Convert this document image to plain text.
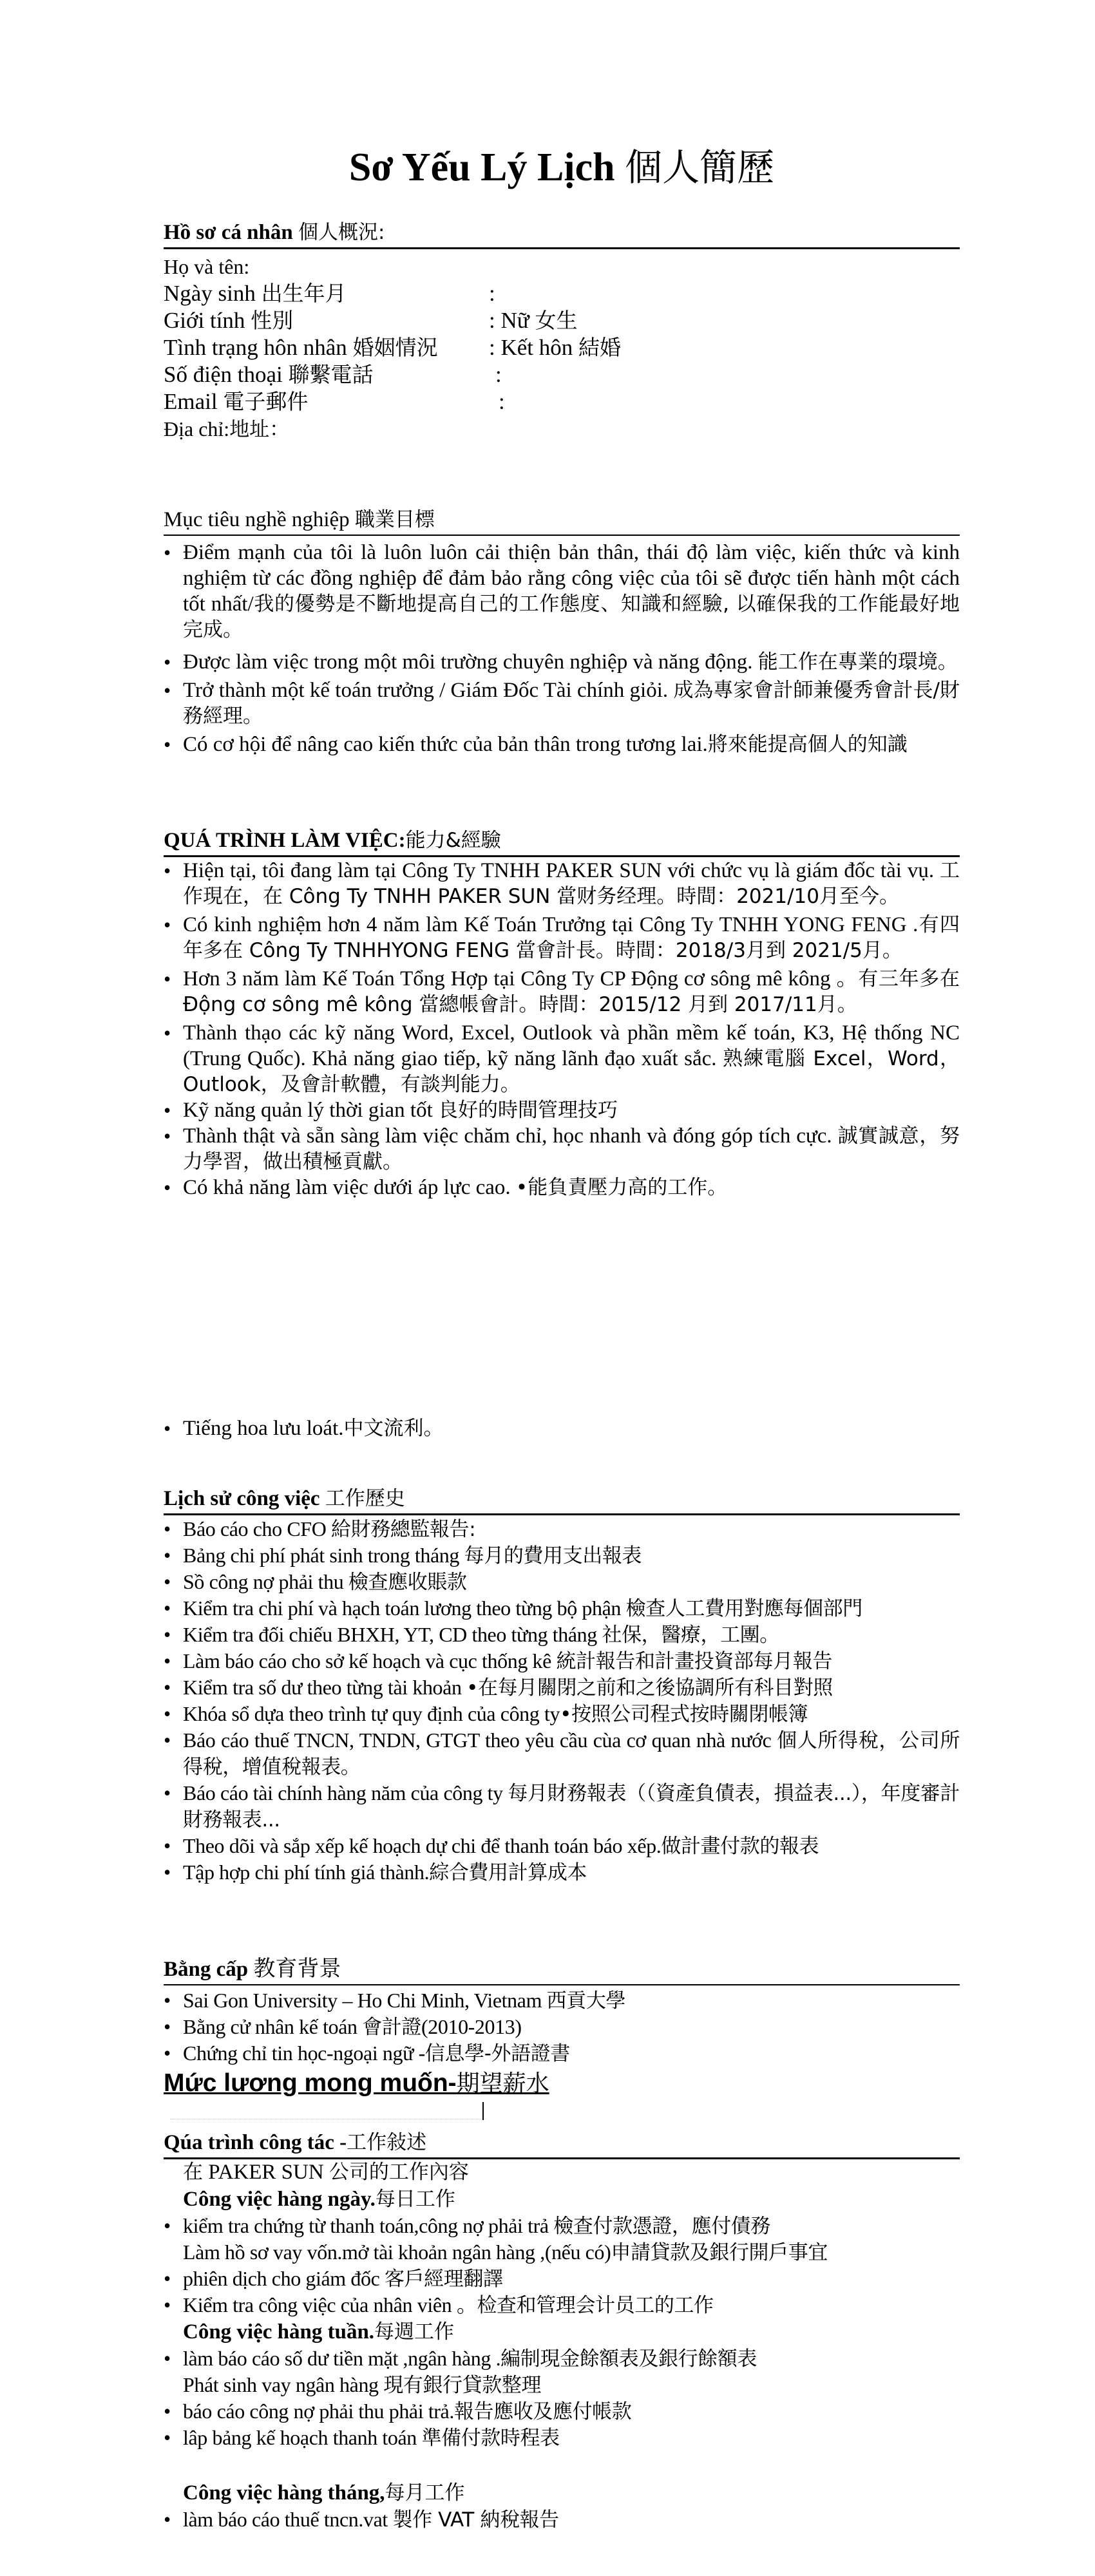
Sơ Yếu Lý Lịch 個人簡歷
Hồ sơ cá nhân 個人概況:
Họ và tên:
Ngày sinh 出生年月	:
Giới tính 性別	: Nữ 女生
Tình trạng hôn nhân 婚姻情況	: Kết hôn 結婚
Số điện thoại 聯繫電話	:
Email 電子郵件	:
Địa chỉ:地址：
Mục tiêu nghề nghiệp 職業目標
• Điểm mạnh của tôi là luôn luôn cải thiện bản thân, thái độ làm việc, kiến thức và kinh nghiệm từ các đồng nghiệp để đảm bảo rằng công việc của tôi sẽ được tiến hành một cách tốt nhất/我的優勢是不斷地提高自己的工作態度、知識和經驗, 以確保我的工作能最好地完成。
• Được làm việc trong một môi trường chuyên nghiệp và năng động. 能工作在專業的環境。
• Trở thành một kế toán trưởng / Giám Đốc Tài chính giỏi. 成為專家會計師兼優秀會計長/財務經理。
• Có cơ hội để nâng cao kiến thức của bản thân trong tương lai.將來能提高個人的知識
QUÁ TRÌNH LÀM VIỆC:能力&經驗
• Hiện tại, tôi đang làm tại Công Ty TNHH PAKER SUN với chức vụ là giám đốc tài vụ. 工作現在，在 Công Ty TNHH PAKER SUN 當财务经理。時間：2021/10月至今。
• Có kinh nghiệm hơn 4 năm làm Kế Toán Trưởng tại Công Ty TNHH YONG FENG .有四年多在 Công Ty TNHHYONG FENG 當會計長。時間：2018/3月到 2021/5月。
• Hơn 3 năm làm Kế Toán Tổng Hợp tại Công Ty CP Động cơ sông mê kông 。有三年多在 Động cơ sông mê kông 當總帳會計。時間：2015/12 月到 2017/11月。
• Thành thạo các kỹ năng Word, Excel, Outlook và phần mềm kế toán, K3, Hệ thống NC (Trung Quốc). Khả năng giao tiếp, kỹ năng lãnh đạo xuất sắc. 熟練電腦 Excel，Word，Outlook，及會計軟體，有談判能力。
• Kỹ năng quản lý thời gian tốt 良好的時間管理技巧
• Thành thật và sẵn sàng làm việc chăm chỉ, học nhanh và đóng góp tích cực. 誠實誠意，努力學習，做出積極貢獻。
• Có khả năng làm việc dưới áp lực cao. •能負責壓力高的工作。
• Tiếng hoa lưu loát.中文流利。
Lịch sử công việc 工作歷史
• Báo cáo cho CFO 給財務總監報告:
• Bảng chi phí phát sinh trong tháng 每月的費用支出報表
• Sồ công nợ phải thu 檢查應收賬款
• Kiểm tra chi phí và hạch toán lương theo từng bộ phận 檢查人工費用對應每個部門
• Kiểm tra đối chiếu BHXH, YT, CD theo từng tháng 社保，醫療，工團。
• Làm báo cáo cho sở kế hoạch và cục thống kê 統計報告和計畫投資部每月報告
• Kiểm tra số dư theo từng tài khoản •在每月關閉之前和之後協調所有科目對照
• Khóa sổ dựa theo trình tự quy định của công ty•按照公司程式按時關閉帳簿
• Báo cáo thuế TNCN, TNDN, GTGT theo yêu cầu cùa cơ quan nhà nước 個人所得稅，公司所得稅，增值稅報表。
• Báo cáo tài chính hàng năm của công ty 每月財務報表（（資產負債表，損益表...），年度審計財務報表...
• Theo dõi và sắp xếp kế hoạch dự chi để thanh toán báo xếp.做計畫付款的報表
• Tập hợp chi phí tính giá thành.綜合費用計算成本
Bằng cấp 教育背景
• Sai Gon University – Ho Chi Minh, Vietnam 西貢大學
• Bằng cử nhân kế toán 會計證(2010-2013)
• Chứng chỉ tin học-ngoại ngữ -信息學-外語證書
Mức lương mong muốn-期望薪水
Qúa trình công tác -工作敍述
在 PAKER SUN 公司的工作內容
Công việc hàng ngày.每日工作
• kiểm tra chứng từ thanh toán,công nợ phải trả 檢查付款憑證，應付債務
Làm hồ sơ vay vốn.mở tài khoản ngân hàng ,(nếu có)申請貸款及銀行開戶事宜
• phiên dịch cho giám đốc 客戶經理翻譯
• Kiểm tra công việc của nhân viên 。检查和管理会计员工的工作
Công việc hàng tuần.每週工作
• làm báo cáo số dư tiền mặt ,ngân hàng .編制現金餘額表及銀行餘額表
Phát sinh vay ngân hàng 現有銀行貸款整理
• báo cáo công nợ phải thu phải trả.報告應收及應付帳款
• lâp bảng kế hoạch thanh toán 準備付款時程表
Công việc hàng tháng,每月工作
• làm báo cáo thuế tncn.vat 製作 VAT 納稅報告
